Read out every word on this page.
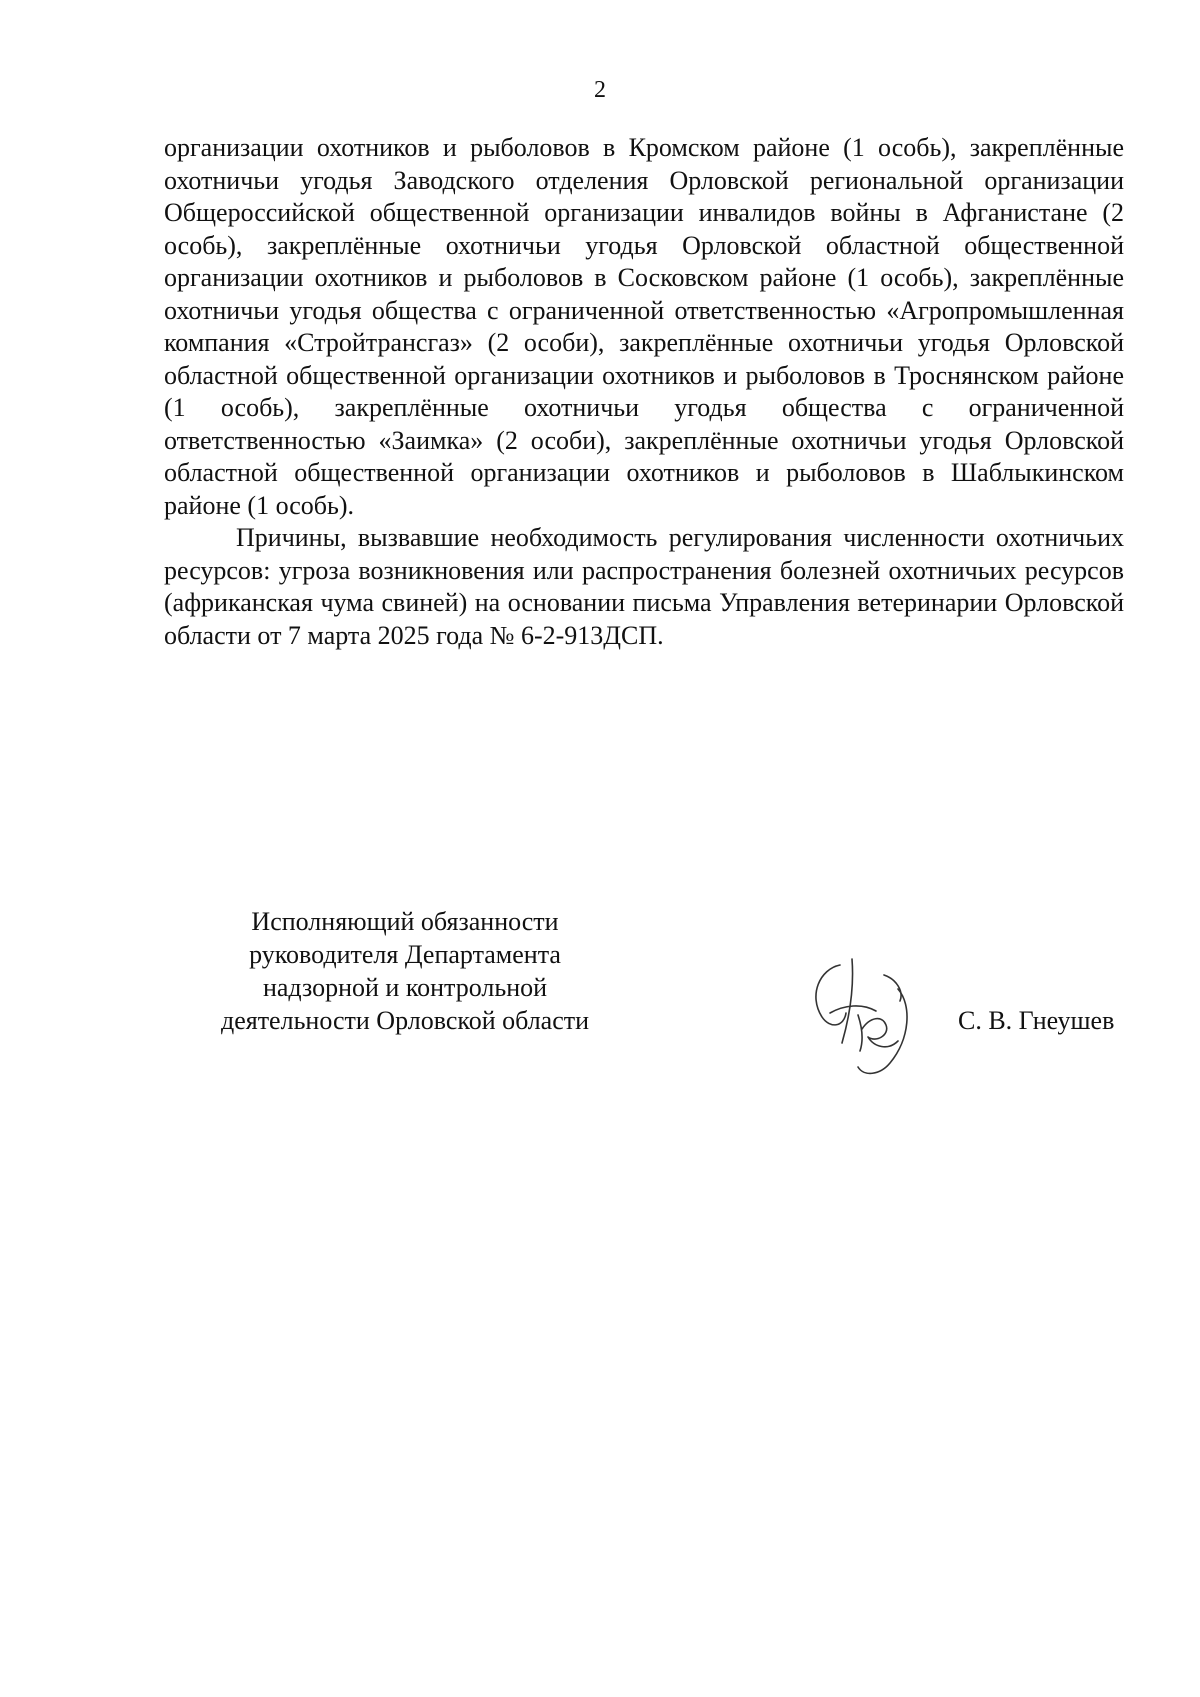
2

организации охотников и рыболовов в Кромском районе (1 особь), закреплённые охотничьи угодья Заводского отделения Орловской региональной организации Общероссийской общественной организации инвалидов войны в Афганистане (2 особь), закреплённые охотничьи угодья Орловской областной общественной организации охотников и рыболовов в Сосковском районе (1 особь), закреплённые охотничьи угодья общества с ограниченной ответственностью «Агропромышленная компания «Стройтрансгаз» (2 особи), закреплённые охотничьи угодья Орловской областной общественной организации охотников и рыболовов в Троснянском районе (1 особь), закреплённые охотничьи угодья общества с ограниченной ответственностью «Заимка» (2 особи), закреплённые охотничьи угодья Орловской областной общественной организации охотников и рыболовов в Шаблыкинском районе (1 особь).

Причины, вызвавшие необходимость регулирования численности охотничьих ресурсов: угроза возникновения или распространения болезней охотничьих ресурсов (африканская чума свиней) на основании письма Управления ветеринарии Орловской области от 7 марта 2025 года № 6-2-913ДСП.

Исполняющий обязанности
руководителя Департамента
надзорной и контрольной
деятельности Орловской области	С. В. Гнеушев
